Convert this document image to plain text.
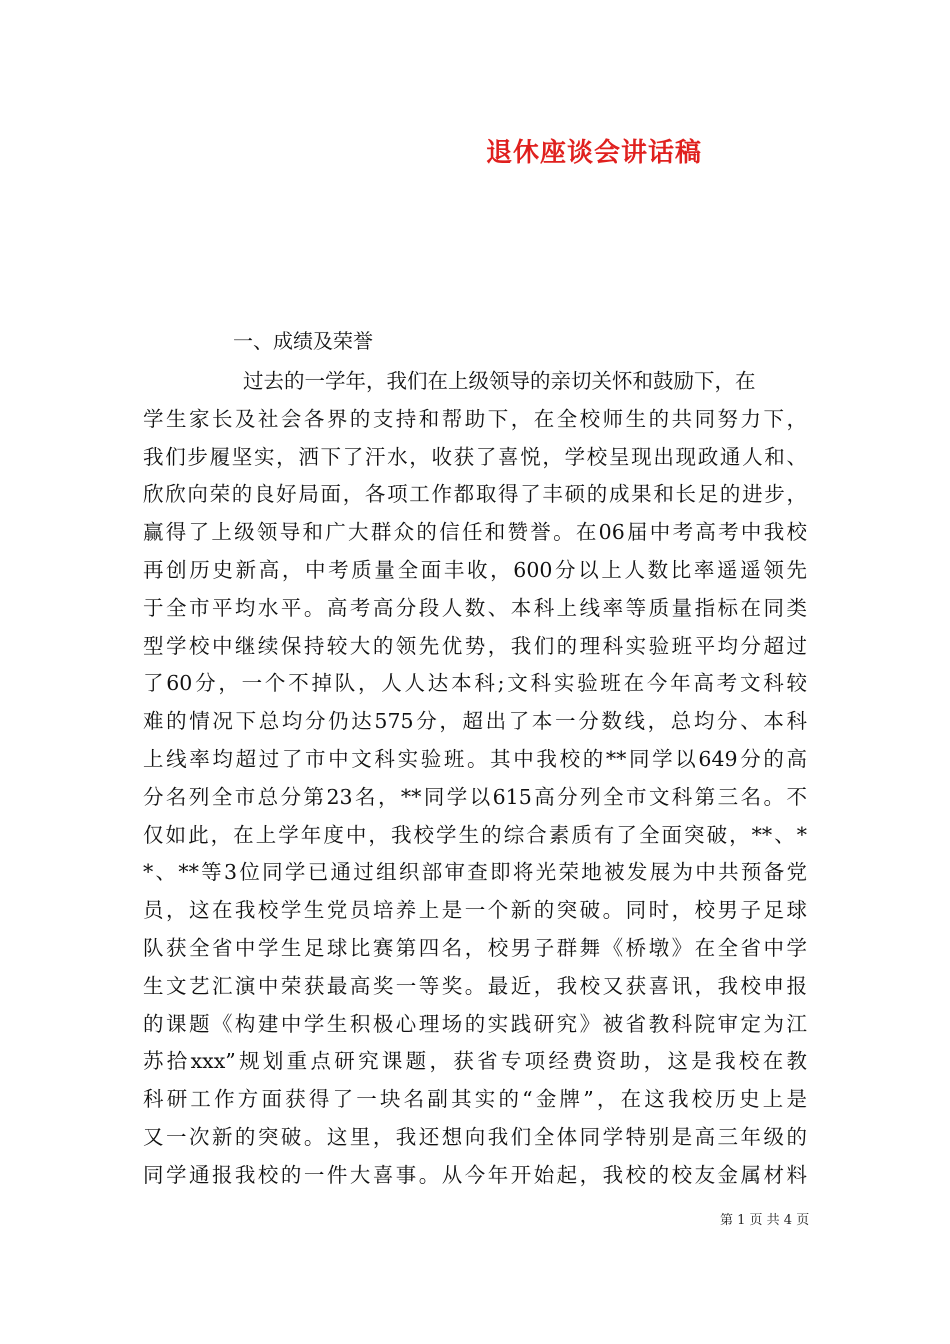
退休座谈会讲话稿
一、成绩及荣誉
过去的一学年，我们在上级领导的亲切关怀和鼓励下，在
学生家长及社会各界的支持和帮助下，在全校师生的共同努力下，
我们步履坚实，洒下了汗水，收获了喜悦，学校呈现出现政通人和、
欣欣向荣的良好局面，各项工作都取得了丰硕的成果和长足的进步，
赢得了上级领导和广大群众的信任和赞誉。在06届中考高考中我校
再创历史新高，中考质量全面丰收，600分以上人数比率遥遥领先
于全市平均水平。高考高分段人数、本科上线率等质量指标在同类
型学校中继续保持较大的领先优势，我们的理科实验班平均分超过
了60分，一个不掉队，人人达本科;文科实验班在今年高考文科较
难的情况下总均分仍达575分，超出了本一分数线，总均分、本科
上线率均超过了市中文科实验班。其中我校的**同学以649分的高
分名列全市总分第23名，**同学以615高分列全市文科第三名。不
仅如此，在上学年度中，我校学生的综合素质有了全面突破，**、*
*、**等3位同学已通过组织部审查即将光荣地被发展为中共预备党
员，这在我校学生党员培养上是一个新的突破。同时，校男子足球
队获全省中学生足球比赛第四名，校男子群舞《桥墩》在全省中学
生文艺汇演中荣获最高奖一等奖。最近，我校又获喜讯，我校申报
的课题《构建中学生积极心理场的实践研究》被省教科院审定为江
苏拾xxx”规划重点研究课题，获省专项经费资助，这是我校在教
科研工作方面获得了一块名副其实的“金牌”，在这我校历史上是
又一次新的突破。这里，我还想向我们全体同学特别是高三年级的
同学通报我校的一件大喜事。从今年开始起，我校的校友金属材料
第 1 页 共 4 页
